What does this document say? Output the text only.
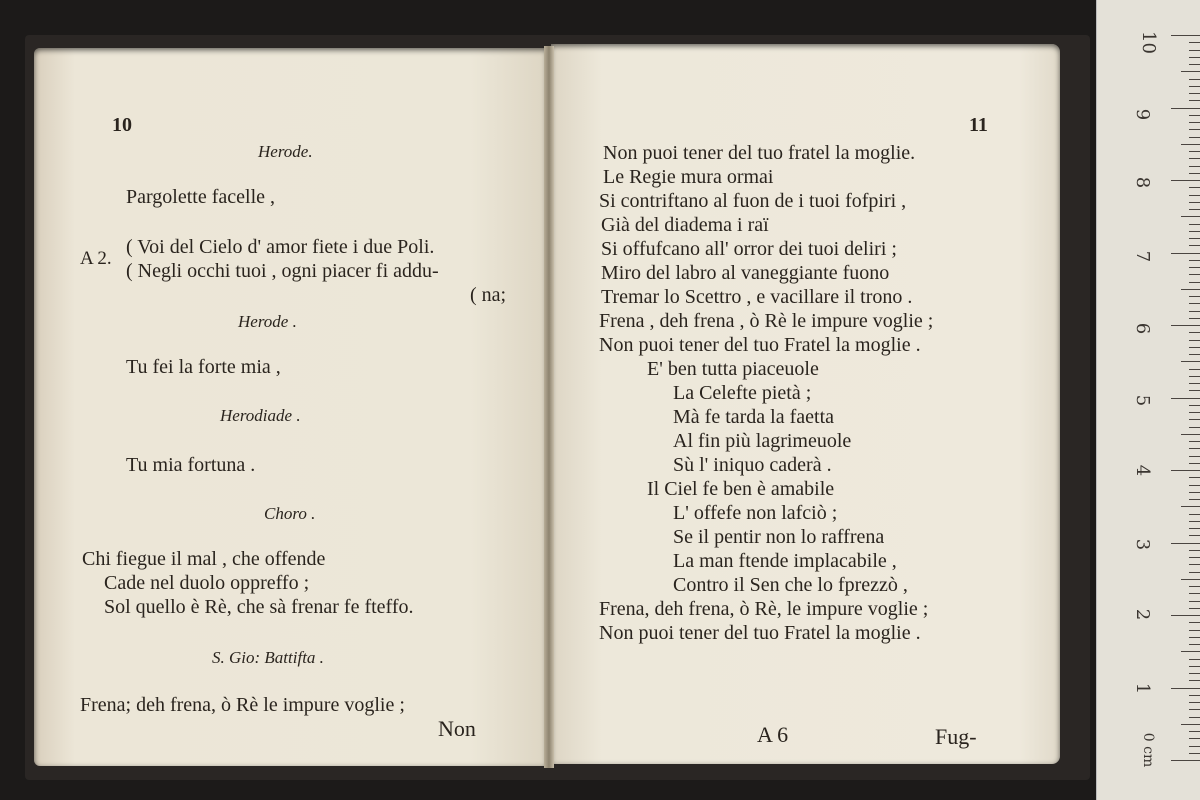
10
Herode.
Pargolette facelle ,
A 2.
( Voi del Cielo d' amor fiete i due Poli.
( Negli occhi tuoi , ogni piacer fi addu-
( na;
Herode .
Tu fei la forte mia ,
Herodiade .
Tu mia fortuna .
Choro .
Chi fiegue il mal , che offende
Cade nel duolo oppreffo ;
Sol quello è Rè, che sà frenar fe fteffo.
S. Gio: Battifta .
Frena; deh frena, ò Rè le impure voglie ;
Non
11
Non puoi tener del tuo fratel la moglie.
Le Regie mura ormai
Si contriftano al fuon de i tuoi fofpiri ,
Già del diadema i raï
Si offufcano all' orror dei tuoi deliri ;
Miro del labro al vaneggiante fuono
Tremar lo Scettro , e vacillare il trono .
Frena , deh frena , ò Rè le impure voglie ;
Non puoi tener del tuo Fratel la moglie .
E' ben tutta piaceuole
La Celefte pietà ;
Mà fe tarda la faetta
Al fin più lagrimeuole
Sù l' iniquo caderà .
Il Ciel fe ben è amabile
L' offefe non lafciò ;
Se il pentir non lo raffrena
La man ftende implacabile ,
Contro il Sen che lo fprezzò ,
Frena, deh frena, ò Rè, le impure voglie ;
Non puoi tener del tuo Fratel la moglie .
A 6	Fug-
10
9
8
7
6
5
4
3
2
1
0 cm
